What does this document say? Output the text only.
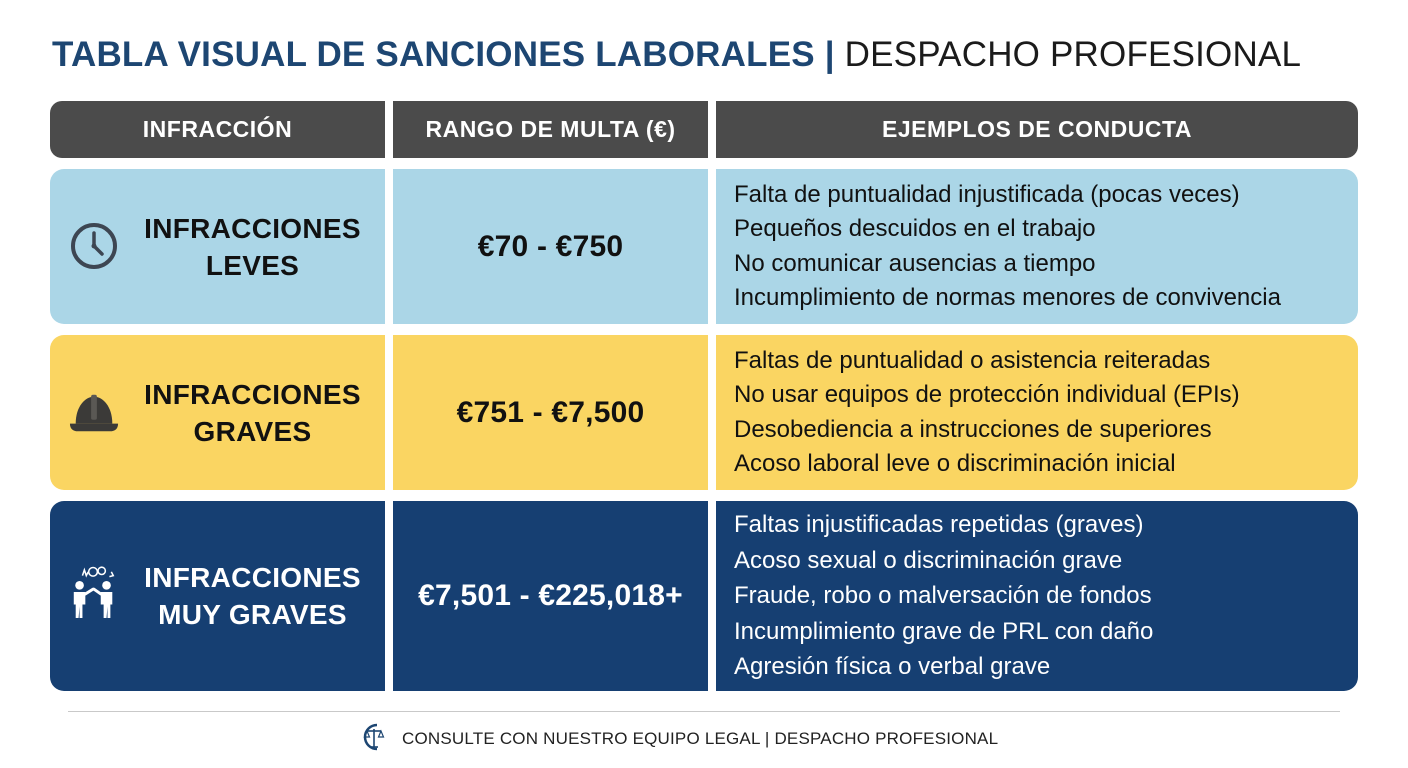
TABLA VISUAL DE SANCIONES LABORALES | DESPACHO PROFESIONAL
INFRACCIÓN	RANGO DE MULTA (€)	EJEMPLOS DE CONDUCTA
INFRACCIONES
LEVES
€70 - €750
Falta de puntualidad injustificada (pocas veces)
Pequeños descuidos en el trabajo
No comunicar ausencias a tiempo
Incumplimiento de normas menores de convivencia
INFRACCIONES
GRAVES
€751 - €7,500
Faltas de puntualidad o asistencia reiteradas
No usar equipos de protección individual (EPIs)
Desobediencia a instrucciones de superiores
Acoso laboral leve o discriminación inicial
INFRACCIONES
MUY GRAVES
€7,501 - €225,018+
Faltas injustificadas repetidas (graves)
Acoso sexual o discriminación grave
Fraude, robo o malversación de fondos
Incumplimiento grave de PRL con daño
Agresión física o verbal grave
CONSULTE CON NUESTRO EQUIPO LEGAL | DESPACHO PROFESIONAL
